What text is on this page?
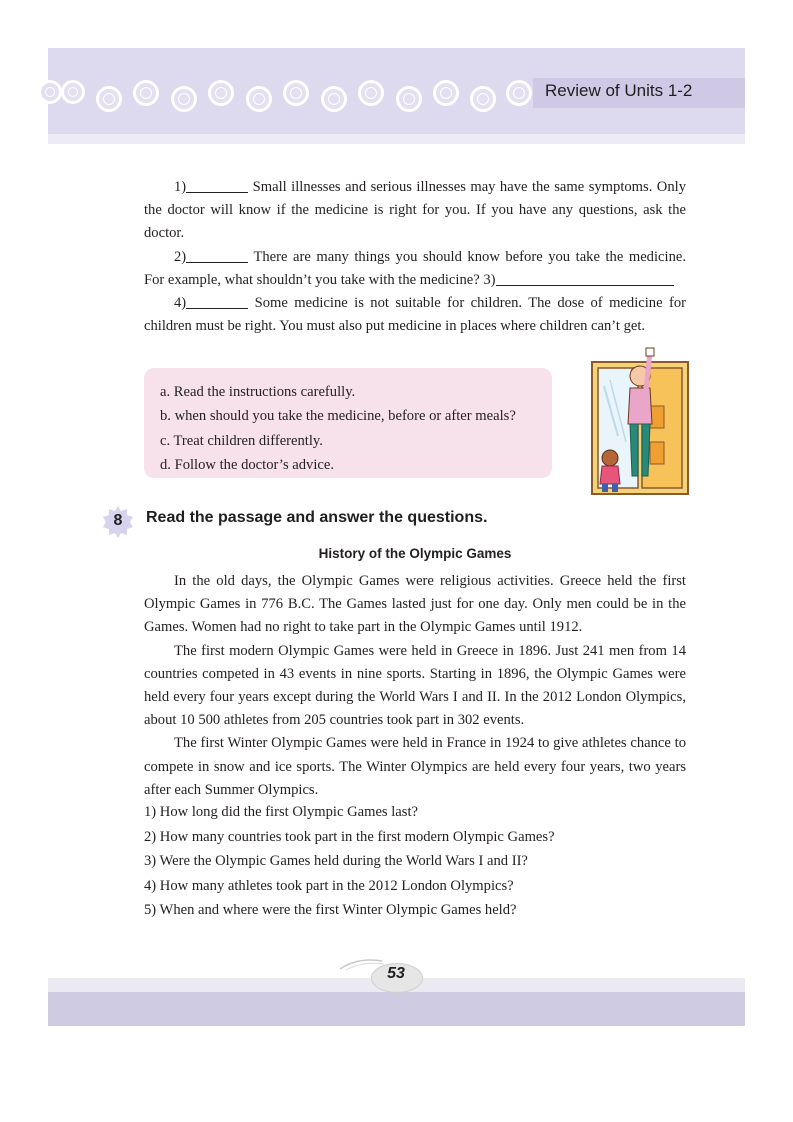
Review of Units 1-2

1)	Small illnesses and serious illnesses may have the same symptoms. Only the doctor will know if the medicine is right for you. If you have any questions, ask the doctor.

2)	There are many things you should know before you take the medicine. For example, what shouldn’t you take with the medicine? 3)

4)	Some medicine is not suitable for children. The dose of medicine for children must be right. You must also put medicine in places where children can’t get.

a. Read the instructions carefully.
b. when should you take the medicine, before or after meals?
c. Treat children differently.
d. Follow the doctor’s advice.
8	Read the passage and answer the questions.
History of the Olympic Games

In the old days, the Olympic Games were religious activities. Greece held the first Olympic Games in 776 B.C. The Games lasted just for one day. Only men could be in the Games. Women had no right to take part in the Olympic Games until 1912.

The first modern Olympic Games were held in Greece in 1896. Just 241 men from 14 countries competed in 43 events in nine sports. Starting in 1896, the Olympic Games were held every four years except during the World Wars I and II. In the 2012 London Olympics, about 10 500 athletes from 205 countries took part in 302 events.

The first Winter Olympic Games were held in France in 1924 to give athletes chance to compete in snow and ice sports. The Winter Olympics are held every four years, two years after each Summer Olympics.

1) How long did the first Olympic Games last?
2) How many countries took part in the first modern Olympic Games?
3) Were the Olympic Games held during the World Wars I and II?
4) How many athletes took part in the 2012 London Olympics?
5) When and where were the first Winter Olympic Games held?
53
